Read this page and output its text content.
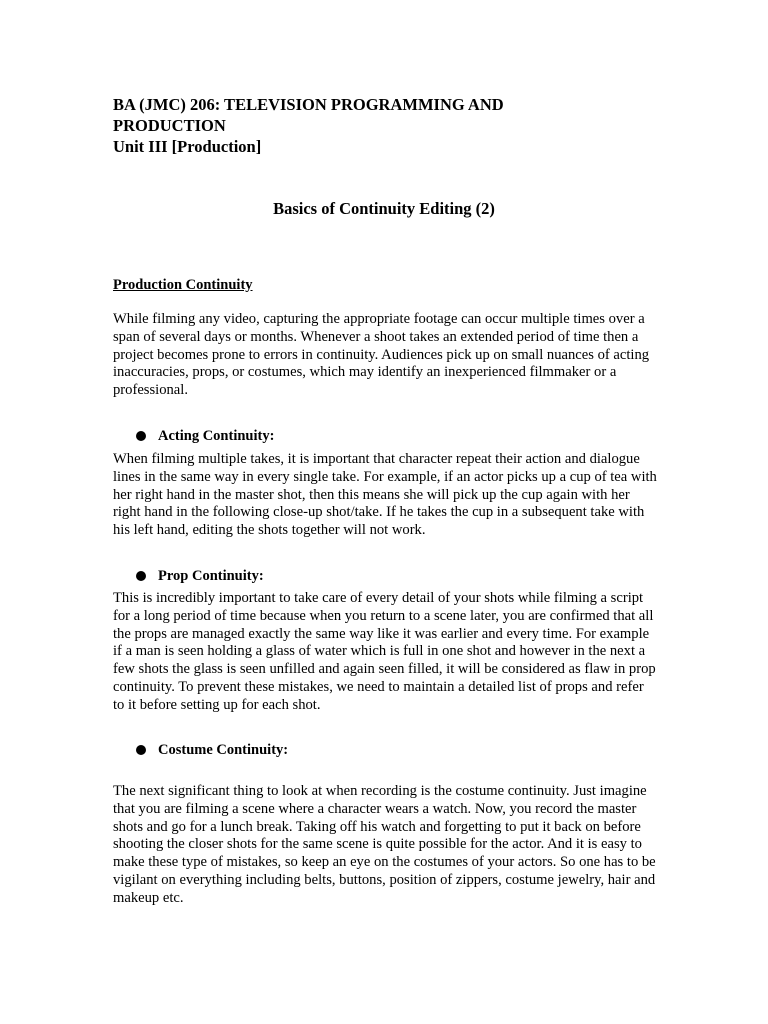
BA (JMC) 206: TELEVISION PROGRAMMING AND
PRODUCTION
Unit III [Production]
Basics of Continuity Editing (2)
Production Continuity

While filming any video, capturing the appropriate footage can occur multiple times over a span of several days or months. Whenever a shoot takes an extended period of time then a project becomes prone to errors in continuity. Audiences pick up on small nuances of acting inaccuracies, props, or costumes, which may identify an inexperienced filmmaker or a professional.

Acting Continuity:

When filming multiple takes, it is important that character repeat their action and dialogue lines in the same way in every single take. For example, if an actor picks up a cup of tea with her right hand in the master shot, then this means she will pick up the cup again with her right hand in the following close-up shot/take. If he takes the cup in a subsequent take with his left hand, editing the shots together will not work.

Prop Continuity:

This is incredibly important to take care of every detail of your shots while filming a script for a long period of time because when you return to a scene later, you are confirmed that all the props are managed exactly the same way like it was earlier and every time. For example if a man is seen holding a glass of water which is full in one shot and however in the next a few shots the glass is seen unfilled and again seen filled, it will be considered as flaw in prop continuity. To prevent these mistakes, we need to maintain a detailed list of props and refer to it before setting up for each shot.

Costume Continuity:

The next significant thing to look at when recording is the costume continuity. Just imagine that you are filming a scene where a character wears a watch. Now, you record the master shots and go for a lunch break. Taking off his watch and forgetting to put it back on before shooting the closer shots for the same scene is quite possible for the actor. And it is easy to make these type of mistakes, so keep an eye on the costumes of your actors. So one has to be vigilant on everything including belts, buttons, position of zippers, costume jewelry, hair and makeup etc.
